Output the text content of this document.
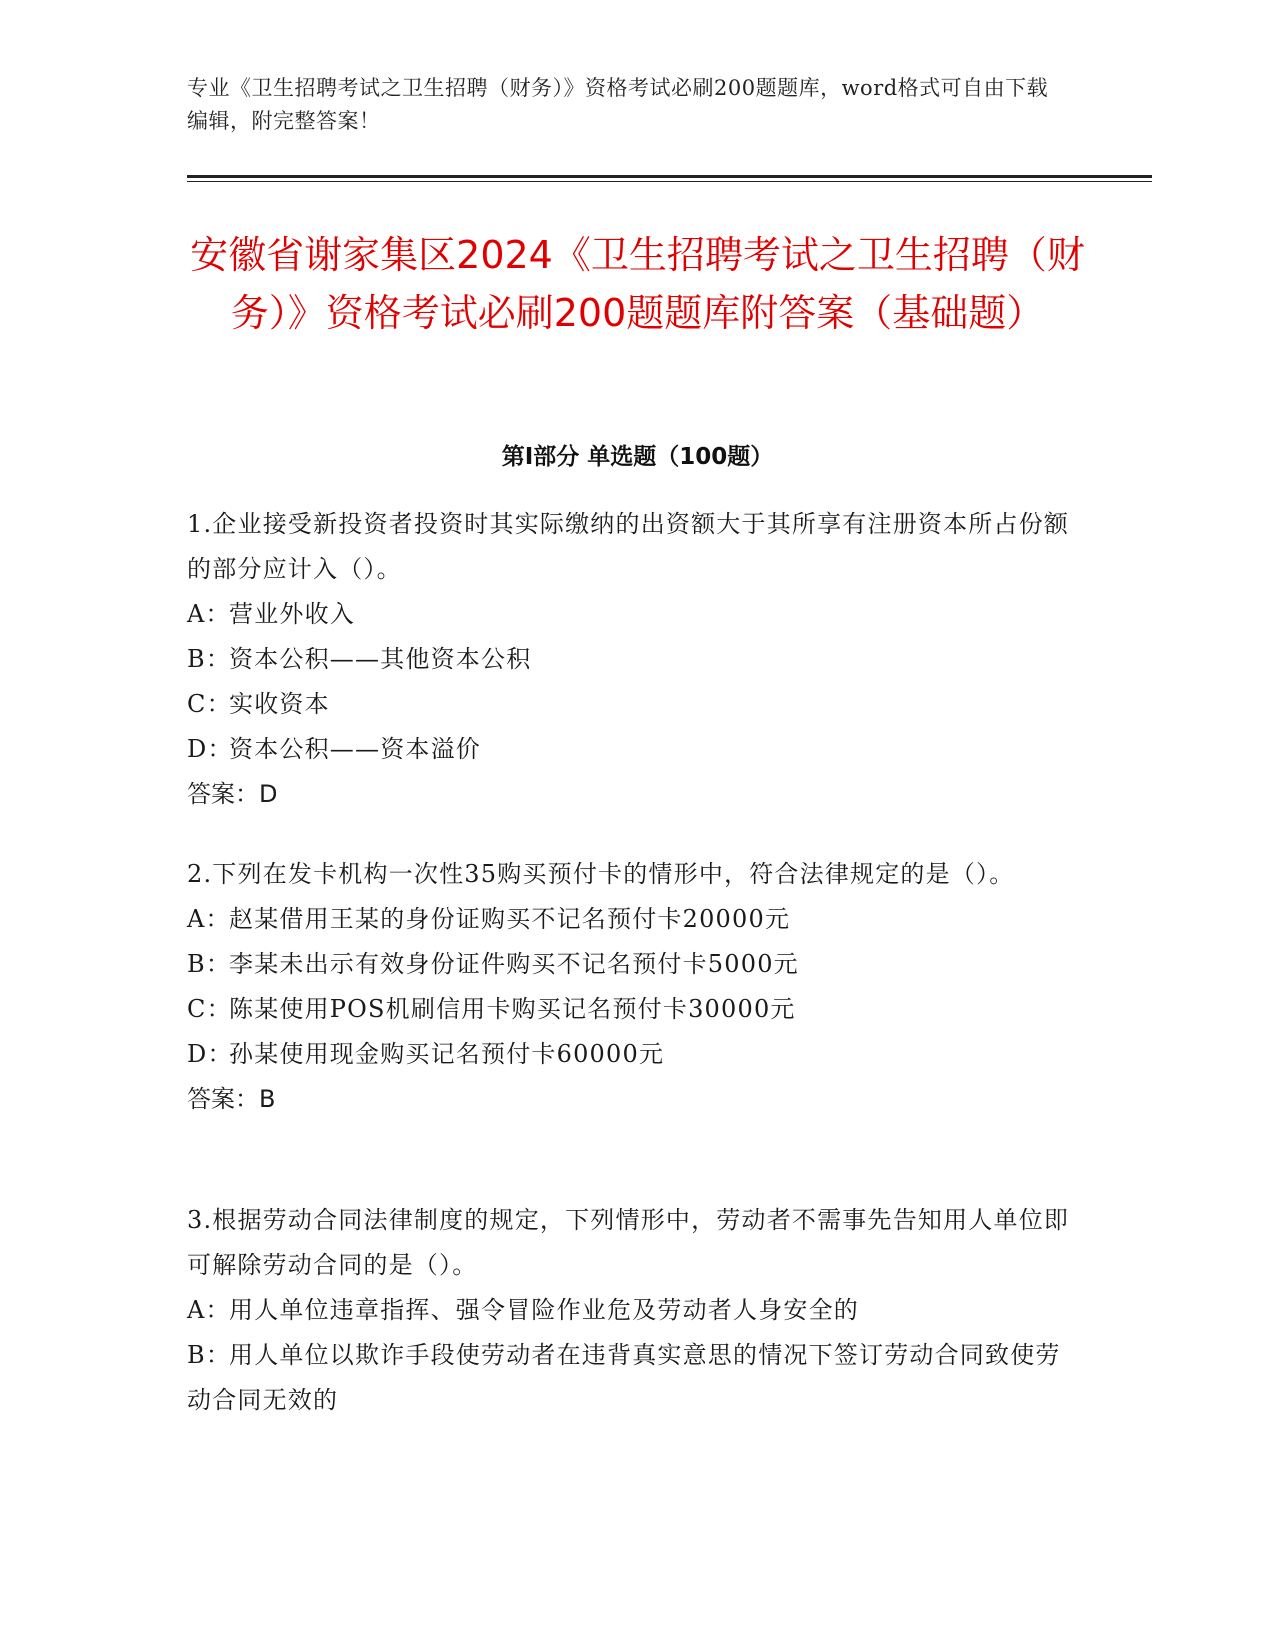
专业《卫生招聘考试之卫生招聘（财务）》资格考试必刷200题题库，word格式可自由下载编辑，附完整答案！
安徽省谢家集区2024《卫生招聘考试之卫生招聘（财务）》资格考试必刷200题题库附答案（基础题）
第I部分 单选题（100题）

1.企业接受新投资者投资时其实际缴纳的出资额大于其所享有注册资本所占份额的部分应计入（）。

A：营业外收入

B：资本公积——其他资本公积

C：实收资本

D：资本公积——资本溢价

答案：D

2.下列在发卡机构一次性35购买预付卡的情形中，符合法律规定的是（）。

A：赵某借用王某的身份证购买不记名预付卡20000元

B：李某未出示有效身份证件购买不记名预付卡5000元

C：陈某使用POS机刷信用卡购买记名预付卡30000元

D：孙某使用现金购买记名预付卡60000元

答案：B

3.根据劳动合同法律制度的规定，下列情形中，劳动者不需事先告知用人单位即可解除劳动合同的是（）。

A：用人单位违章指挥、强令冒险作业危及劳动者人身安全的

B：用人单位以欺诈手段使劳动者在违背真实意思的情况下签订劳动合同致使劳动合同无效的
